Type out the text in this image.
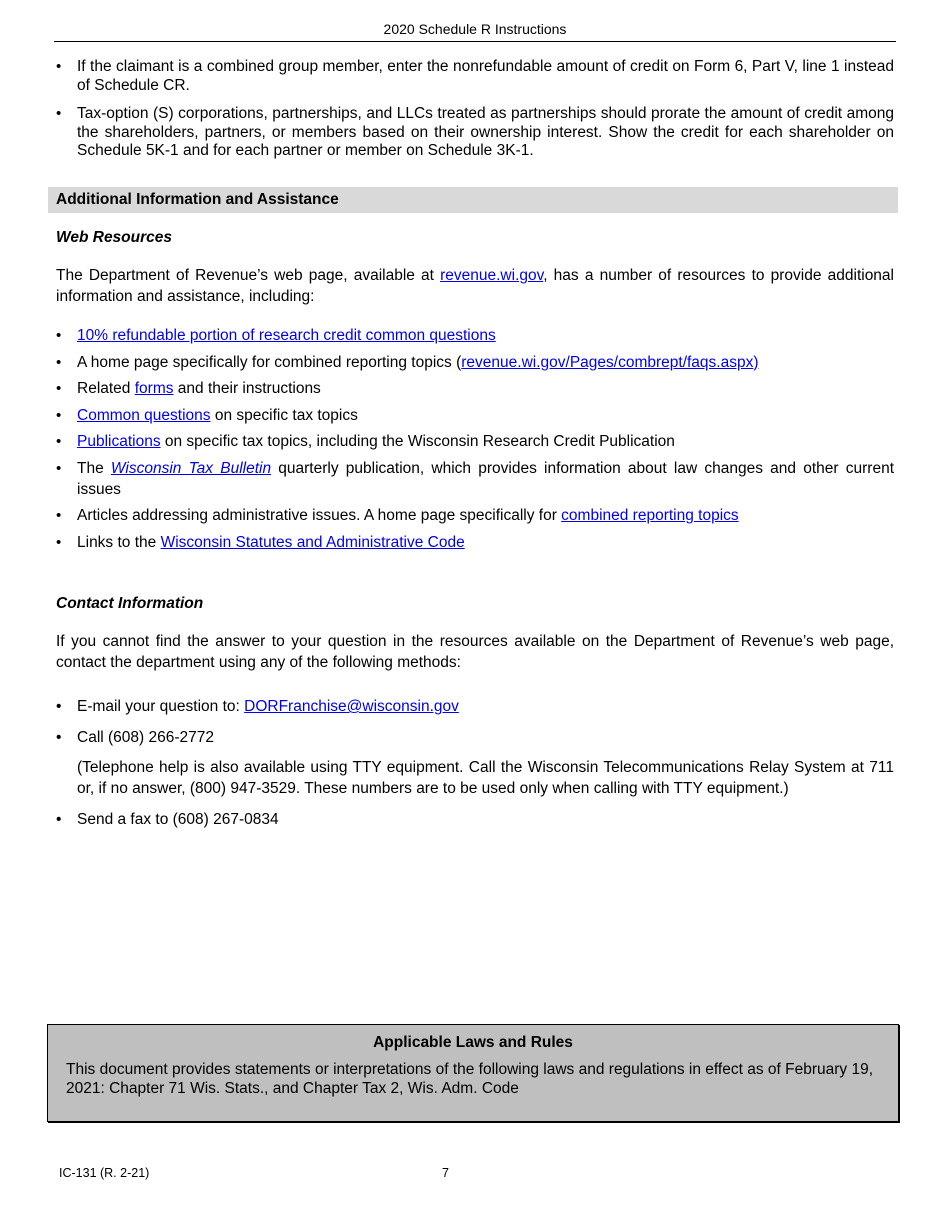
2020 Schedule R Instructions
• If the claimant is a combined group member, enter the nonrefundable amount of credit on Form 6, Part V, line 1 instead of Schedule CR.
• Tax-option (S) corporations, partnerships, and LLCs treated as partnerships should prorate the amount of credit among the shareholders, partners, or members based on their ownership interest. Show the credit for each shareholder on Schedule 5K-1 and for each partner or member on Schedule 3K-1.
Additional Information and Assistance
Web Resources

The Department of Revenue’s web page, available at revenue.wi.gov, has a number of resources to provide additional information and assistance, including:

• 10% refundable portion of research credit common questions
• A home page specifically for combined reporting topics (revenue.wi.gov/Pages/combrept/faqs.aspx)
• Related forms and their instructions
• Common questions on specific tax topics
• Publications on specific tax topics, including the Wisconsin Research Credit Publication
• The Wisconsin Tax Bulletin quarterly publication, which provides information about law changes and other current issues
• Articles addressing administrative issues. A home page specifically for combined reporting topics
• Links to the Wisconsin Statutes and Administrative Code
Contact Information

If you cannot find the answer to your question in the resources available on the Department of Revenue’s web page, contact the department using any of the following methods:

• E-mail your question to: DORFranchise@wisconsin.gov
• Call (608) 266-2772
(Telephone help is also available using TTY equipment. Call the Wisconsin Telecommunications Relay System at 711 or, if no answer, (800) 947-3529. These numbers are to be used only when calling with TTY equipment.)
• Send a fax to (608) 267-0834
Applicable Laws and Rules
This document provides statements or interpretations of the following laws and regulations in effect as of February 19, 2021: Chapter 71 Wis. Stats., and Chapter Tax 2, Wis. Adm. Code
IC-131 (R. 2-21)	7
